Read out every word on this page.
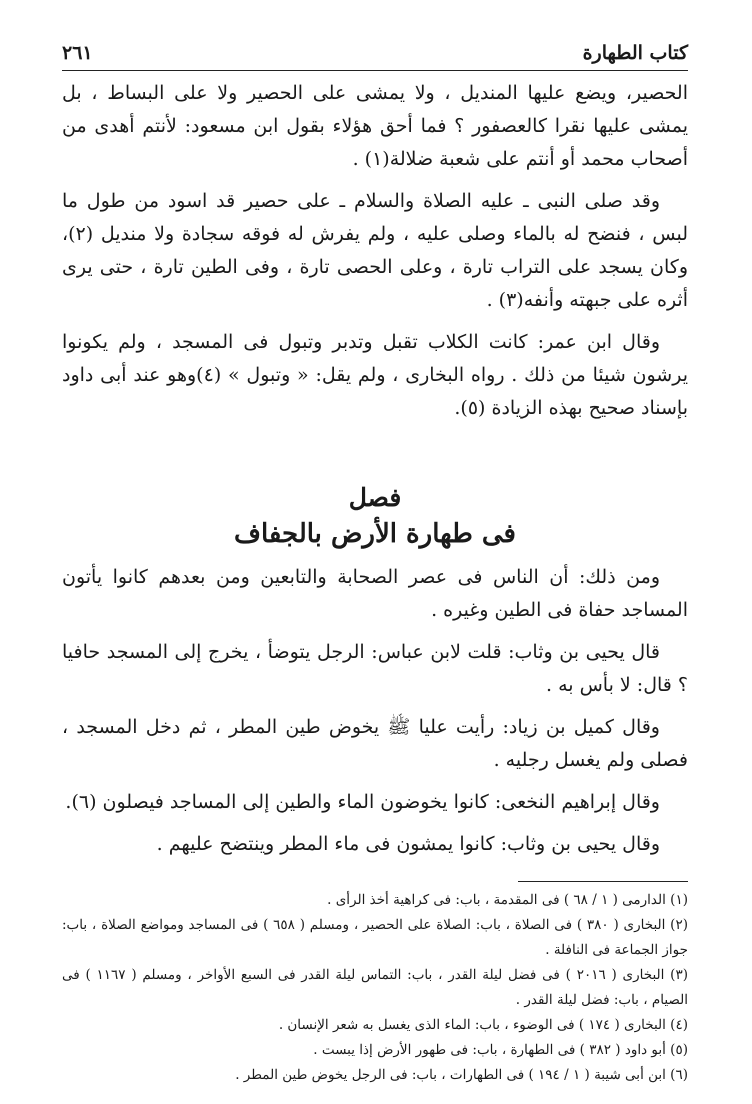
كتاب الطهارة
٢٦١

الحصير، ويضع عليها المنديل ، ولا يمشى على الحصير ولا على البساط ، بل يمشى عليها نقرا كالعصفور ؟ فما أحق هؤلاء بقول ابن مسعود: لأنتم أهدى من أصحاب محمد أو أنتم على شعبة ضلالة(١) .

وقد صلى النبى ـ عليه الصلاة والسلام ـ على حصير قد اسود من طول ما لبس ، فنضح له بالماء وصلى عليه ، ولم يفرش له فوقه سجادة ولا منديل (٢)، وكان يسجد على التراب تارة ، وعلى الحصى تارة ، وفى الطين تارة ، حتى يرى أثره على جبهته وأنفه(٣) .

وقال ابن عمر: كانت الكلاب تقبل وتدبر وتبول فى المسجد ، ولم يكونوا يرشون شيئا من ذلك . رواه البخارى ، ولم يقل: « وتبول » (٤)وهو عند أبى داود بإسناد صحيح بهذه الزيادة (٥).

فصل
فى طهارة الأرض بالجفاف

ومن ذلك: أن الناس فى عصر الصحابة والتابعين ومن بعدهم كانوا يأتون المساجد حفاة فى الطين وغيره .

قال يحيى بن وثاب: قلت لابن عباس: الرجل يتوضأ ، يخرج إلى المسجد حافيا ؟ قال: لا بأس به .

وقال كميل بن زياد: رأيت عليا ﷺ يخوض طين المطر ، ثم دخل المسجد ، فصلى ولم يغسل رجليه .

وقال إبراهيم النخعى: كانوا يخوضون الماء والطين إلى المساجد فيصلون (٦).

وقال يحيى بن وثاب: كانوا يمشون فى ماء المطر وينتضح عليهم .

(١) الدارمى ( ١ / ٦٨ ) فى المقدمة ، باب: فى كراهية أخذ الرأى .
(٢) البخارى ( ٣٨٠ ) فى الصلاة ، باب: الصلاة على الحصير ، ومسلم ( ٦٥٨ ) فى المساجد ومواضع الصلاة ، باب: جواز الجماعة فى النافلة .
(٣) البخارى ( ٢٠١٦ ) فى فضل ليلة القدر ، باب: التماس ليلة القدر فى السبع الأواخر ، ومسلم ( ١١٦٧ ) فى الصيام ، باب: فضل ليلة القدر .
(٤) البخارى ( ١٧٤ ) فى الوضوء ، باب: الماء الذى يغسل به شعر الإنسان .
(٥) أبو داود ( ٣٨٢ ) فى الطهارة ، باب: فى طهور الأرض إذا يبست .
(٦) ابن أبى شيبة ( ١ / ١٩٤ ) فى الطهارات ، باب: فى الرجل يخوض طين المطر .
